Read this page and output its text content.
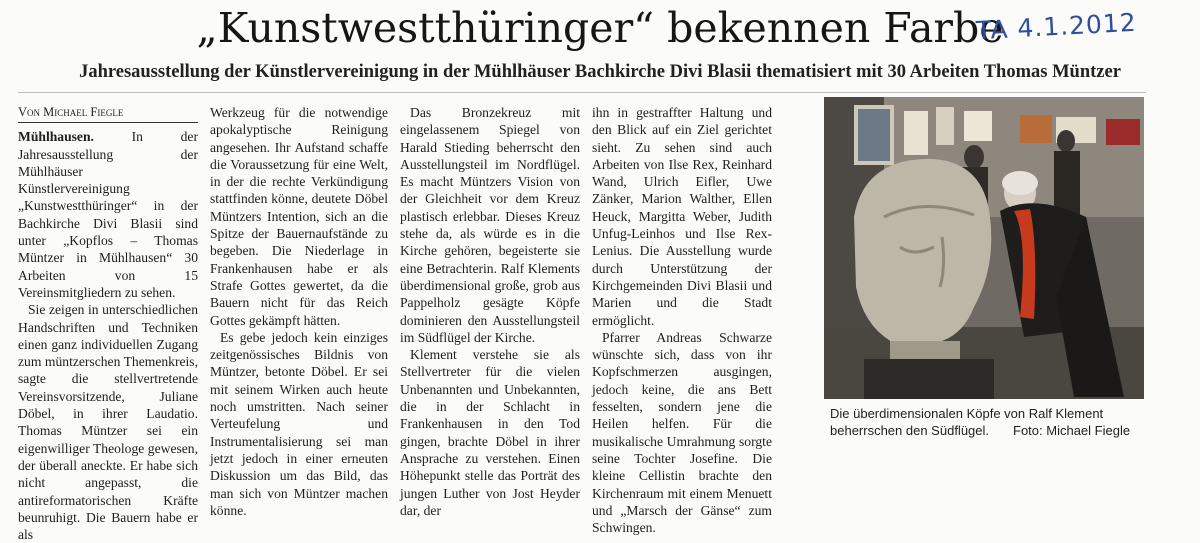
„Kunstwestthüringer“ bekennen Farbe
TA 4.1.2012
Jahresausstellung der Künstlervereinigung in der Mühlhäuser Bachkirche Divi Blasii thematisiert mit 30 Arbeiten Thomas Müntzer

Von Michael Fiegle

Mühlhausen.	In der Jahresausstellung der Mühlhäuser Künstlervereinigung „Kunstwestthüringer“ in der Bachkirche Divi Blasii sind unter „Kopflos – Thomas Müntzer in Mühlhausen“ 30 Arbeiten von 15 Vereinsmitgliedern zu sehen.

Sie zeigen in unterschiedlichen Handschriften und Techniken einen ganz individuellen Zugang zum müntzerschen Themenkreis, sagte die stellvertretende Vereinsvorsitzende, Juliane Döbel, in ihrer Laudatio. Thomas Müntzer sei ein eigenwilliger Theologe gewesen, der überall aneckte. Er habe sich nicht angepasst, die antireformatorischen Kräfte beunruhigt. Die Bauern habe er als

Werkzeug für die notwendige apokalyptische Reinigung angesehen. Ihr Aufstand schaffe die Voraussetzung für eine Welt, in der die rechte Verkündigung stattfinden könne, deutete Döbel Müntzers Intention, sich an die Spitze der Bauernaufstände zu begeben. Die Niederlage in Frankenhausen habe er als Strafe Gottes gewertet, da die Bauern nicht für das Reich Gottes gekämpft hätten.

Es gebe jedoch kein einziges zeitgenössisches Bildnis von Müntzer, betonte Döbel. Er sei mit seinem Wirken auch heute noch umstritten. Nach seiner Verteufelung und Instrumentalisierung sei man jetzt jedoch in einer erneuten Diskussion um das Bild, das man sich von Müntzer machen könne.

Das Bronzekreuz mit eingelassenem Spiegel von Harald Stieding beherrscht den Ausstellungsteil im Nordflügel. Es macht Müntzers Vision von der Gleichheit vor dem Kreuz plastisch erlebbar. Dieses Kreuz stehe da, als würde es in die Kirche gehören, begeisterte sie eine Betrachterin. Ralf Klements überdimensional große, grob aus Pappelholz gesägte Köpfe dominieren den Ausstellungsteil im Südflügel der Kirche.

Klement verstehe sie als Stellvertreter für die vielen Unbenannten und Unbekannten, die in der Schlacht in Frankenhausen in den Tod gingen, brachte Döbel in ihrer Ansprache zu verstehen. Einen Höhepunkt stelle das Porträt des jungen Luther von Jost Heyder dar, der

ihn in gestraffter Haltung und den Blick auf ein Ziel gerichtet sieht. Zu sehen sind auch Arbeiten von Ilse Rex, Reinhard Wand, Ulrich Eifler, Uwe Zänker, Marion Walther, Ellen Heuck, Margitta Weber, Judith Unfug-Leinhos und Ilse Rex-Lenius. Die Ausstellung wurde durch Unterstützung der Kirchgemeinden Divi Blasii und Marien und die Stadt ermöglicht.

Pfarrer Andreas Schwarze wünschte sich, dass von ihr Kopfschmerzen ausgingen, jedoch keine, die ans Bett fesselten, sondern jene die Heilen helfen. Für die musikalische Umrahmung sorgte seine Tochter Josefine. Die kleine Cellistin brachte den Kirchenraum mit einem Menuett und „Marsch der Gänse“ zum Schwingen.

Die überdimensionalen Köpfe von Ralf Klement beherrschen den Südflügel. Foto: Michael Fiegle
